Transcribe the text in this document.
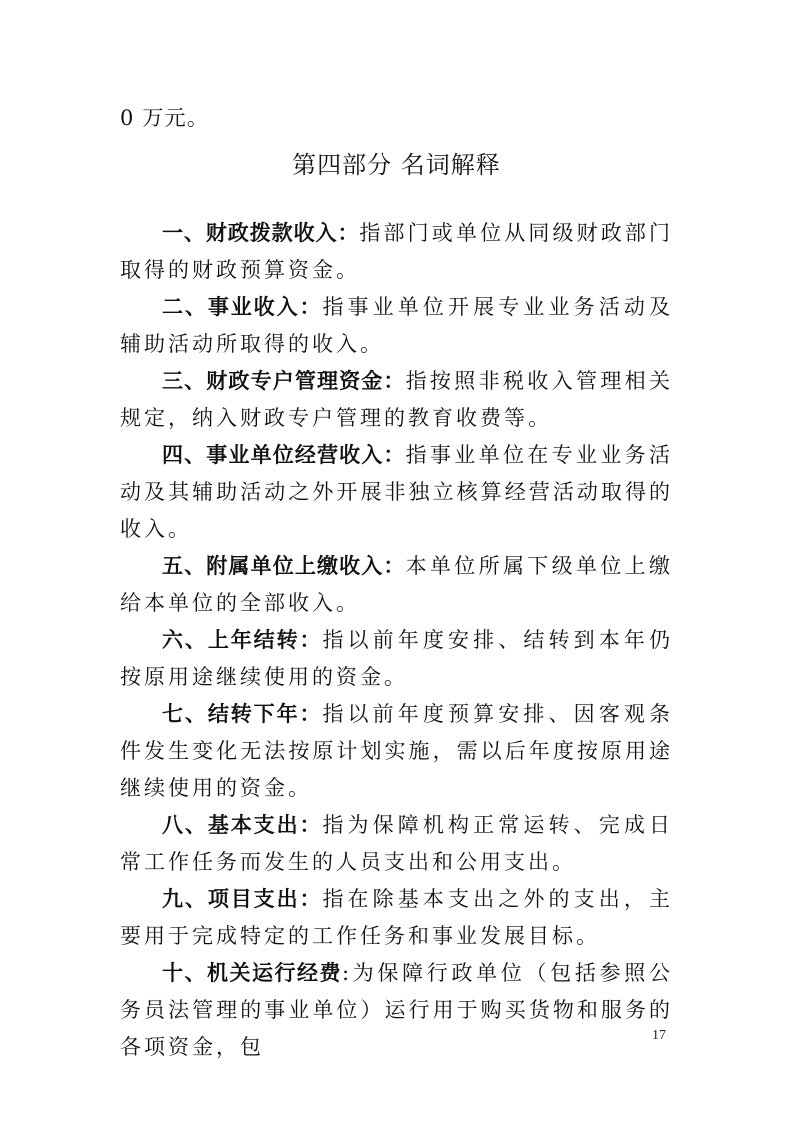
0 万元。

第四部分 名词解释

一、财政拨款收入：指部门或单位从同级财政部门取得的财政预算资金。

二、事业收入：指事业单位开展专业业务活动及辅助活动所取得的收入。

三、财政专户管理资金：指按照非税收入管理相关规定，纳入财政专户管理的教育收费等。

四、事业单位经营收入：指事业单位在专业业务活动及其辅助活动之外开展非独立核算经营活动取得的收入。

五、附属单位上缴收入：本单位所属下级单位上缴给本单位的全部收入。

六、上年结转：指以前年度安排、结转到本年仍按原用途继续使用的资金。

七、结转下年：指以前年度预算安排、因客观条件发生变化无法按原计划实施，需以后年度按原用途继续使用的资金。

八、基本支出：指为保障机构正常运转、完成日常工作任务而发生的人员支出和公用支出。

九、项目支出：指在除基本支出之外的支出，主要用于完成特定的工作任务和事业发展目标。

十、机关运行经费:为保障行政单位（包括参照公务员法管理的事业单位）运行用于购买货物和服务的各项资金，包	17
